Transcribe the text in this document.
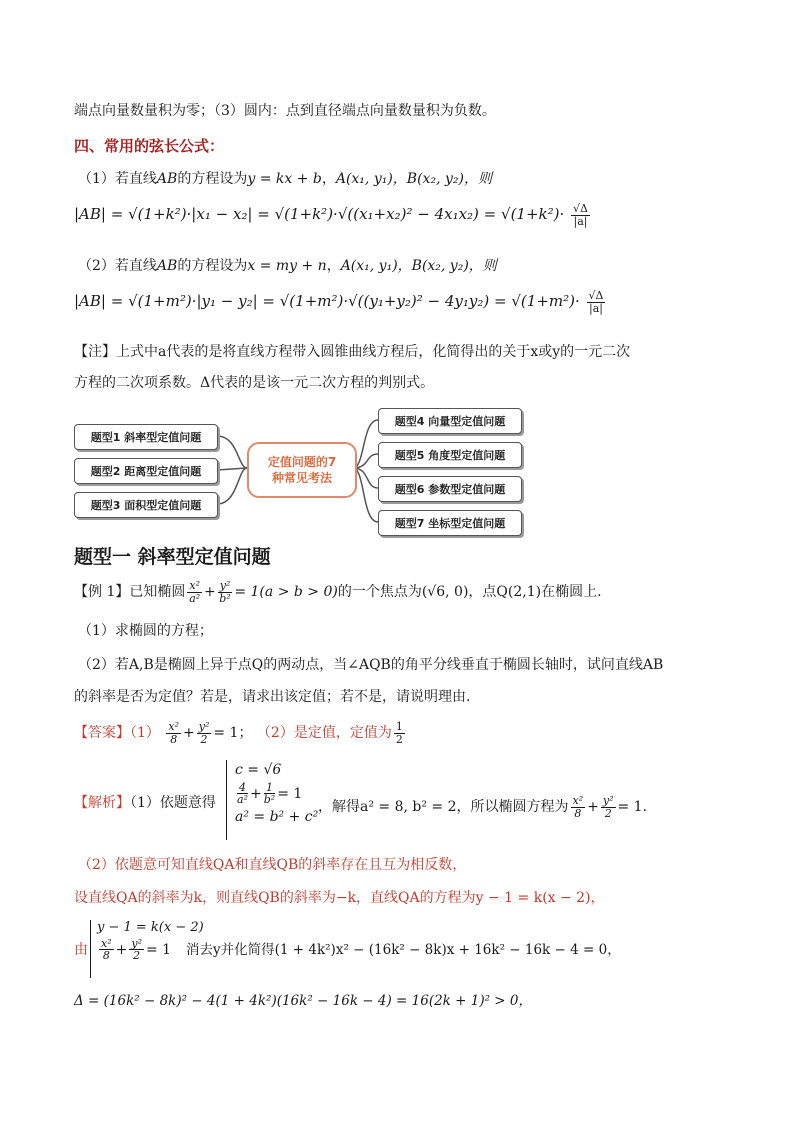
端点向量数量积为零；（3）圆内：点到直径端点向量数量积为负数。
四、常用的弦长公式：
（1）若直线AB的方程设为y = kx + b，A(x₁, y₁)，B(x₂, y₂)，则
$|AB| = √(1+k^2)\cdot|x_1 - x_2| = √(1+k^2)\cdot√((x_1+x_2)^2 - 4x_1x_2) = √(1+k^2)\cdot \frac{√\Delta}{|a|}$
（2）若直线AB的方程设为x = my + n，A(x₁, y₁)，B(x₂, y₂)，则
$|AB| = √(1+m^2)\cdot|y_1 - y_2| = √(1+m^2)\cdot√((y_1+y_2)^2 - 4y_1y_2) = √(1+m^2)\cdot \frac{√\Delta}{|a|}$
【注】上式中a代表的是将直线方程带入圆锥曲线方程后，化简得出的关于x或y的一元二次
方程的二次项系数。Δ代表的是该一元二次方程的判别式。
题型1 斜率型定值问题
题型2 距离型定值问题
题型3 面积型定值问题
定值问题的7
种常见考法
题型4 向量型定值问题
题型5 角度型定值问题
题型6 参数型定值问题
题型7 坐标型定值问题
题型一 斜率型定值问题
【例 1】已知椭圆 $\frac{\text{x²}}{\text{a²}} + \frac{\text{y²}}{\text{b²}} = 1(a > b > 0)$的一个焦点为(√6, 0)，点Q(2,1)在椭圆上.
（1）求椭圆的方程；
（2）若A,B是椭圆上异于点Q的两动点，当∠AQB的角平分线垂直于椭圆长轴时，试问直线AB
的斜率是否为定值？若是，请求出该定值；若不是，请说明理由.
【答案】$(1) \frac{\text{x²}}{8} + \frac{\text{y²}}{2} = 1$； （2）是定值，定值为 $\frac{1}{2}$
【解析】（1）依题意得
c = √6
$\frac{4}{\text{a²}} + \frac{1}{\text{b²}} = 1$
a² = b² + c²
，解得a² = 8, b² = 2，所以椭圆方程为 $\frac{\text{x²}}{8} + \frac{\text{y²}}{2} = 1$.
（2）依题意可知直线QA和直线QB的斜率存在且互为相反数，
设直线QA的斜率为k，则直线QB的斜率为−k，直线QA的方程为y − 1 = k(x − 2)，
由
y − 1 = k(x − 2)
$\frac{\text{x²}}{8} + \frac{\text{y²}}{2} = 1$	消去y并化简得(1 + 4k²)x² − (16k² − 8k)x + 16k² − 16k − 4 = 0，
Δ = (16k² − 8k)² − 4(1 + 4k²)(16k² − 16k − 4) = 16(2k + 1)² > 0，
